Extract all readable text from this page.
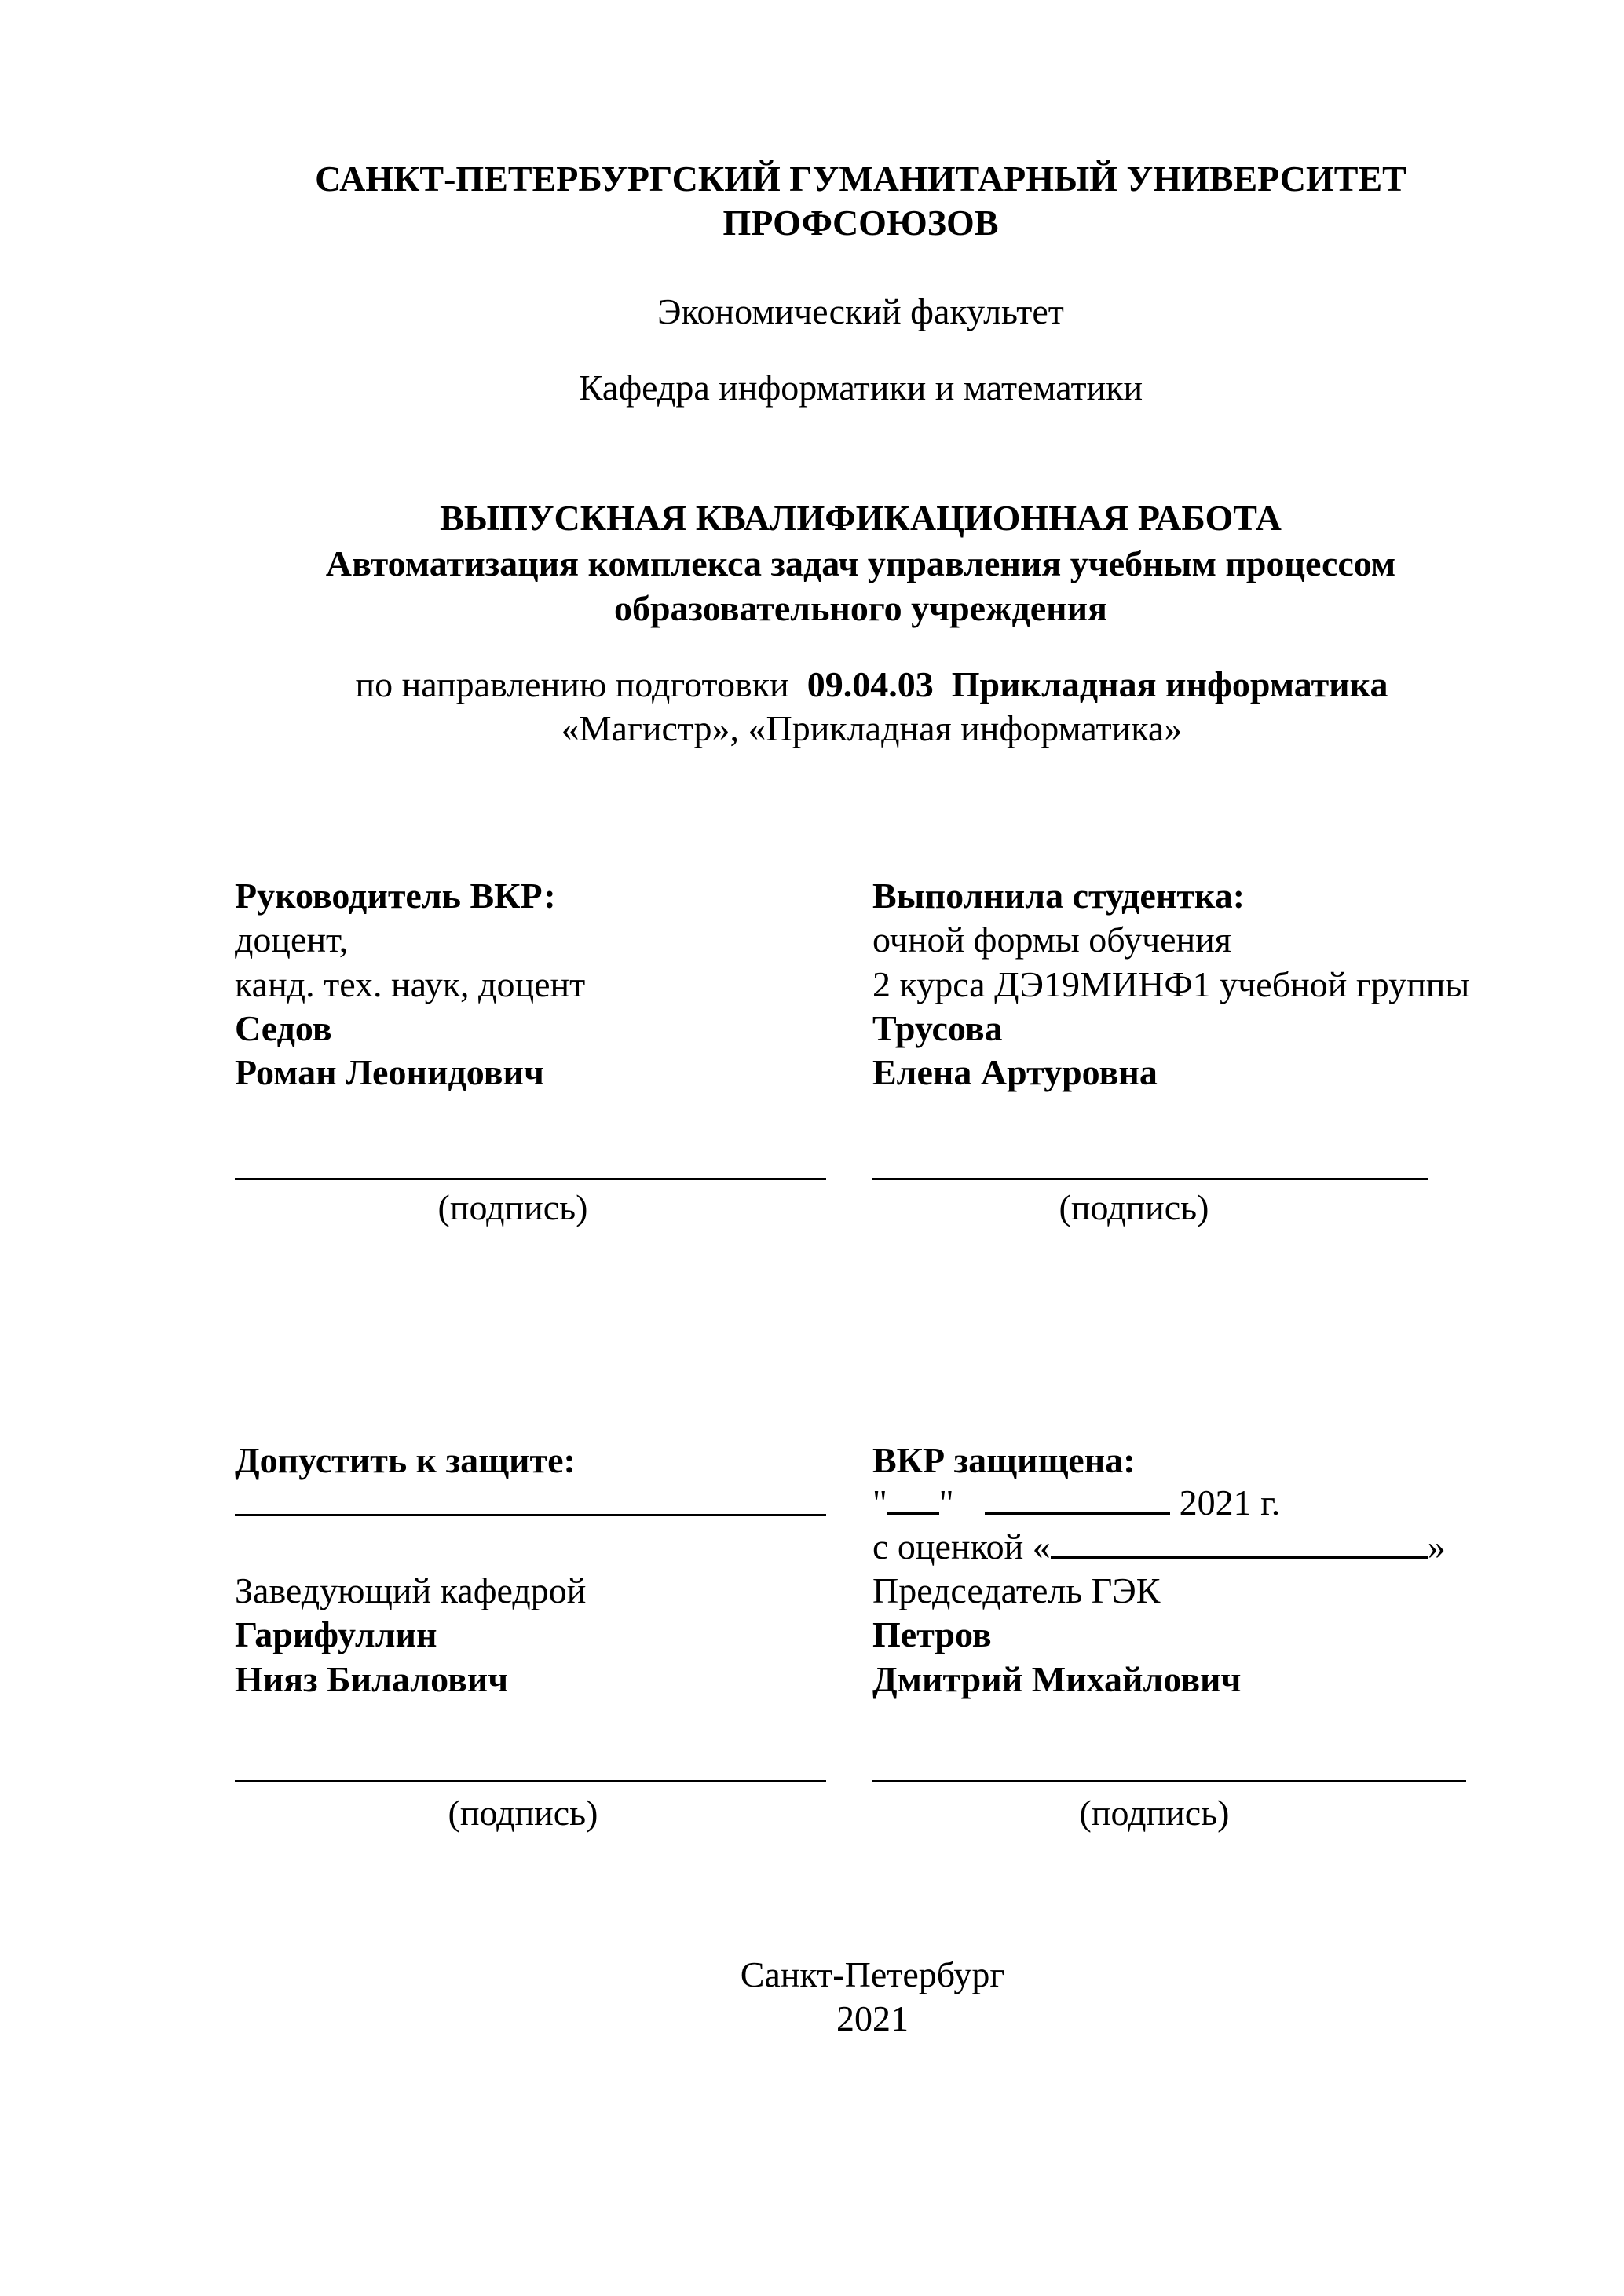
САНКТ-ПЕТЕРБУРГСКИЙ ГУМАНИТАРНЫЙ УНИВЕРСИТЕТ
ПРОФСОЮЗОВ
Экономический факультет
Кафедра информатики и математики
ВЫПУСКНАЯ КВАЛИФИКАЦИОННАЯ РАБОТА
Автоматизация комплекса задач управления учебным процессом
образовательного учреждения
по направлению подготовки 09.04.03  Прикладная информатика
«Магистр», «Прикладная информатика»
Руководитель ВКР:
доцент,
канд. тех. наук, доцент
Седов
Роман Леонидович
(подпись)
Выполнила студентка:
очной формы обучения
2 курса ДЭ19МИНФ1 учебной группы
Трусова
Елена Артуровна
(подпись)
Допустить к защите:
Заведующий кафедрой
Гарифуллин
Нияз Билалович
(подпись)
ВКР защищена:
" "	2021 г.
с оценкой «	»
Председатель ГЭК
Петров
Дмитрий Михайлович
(подпись)
Санкт-Петербург
2021
